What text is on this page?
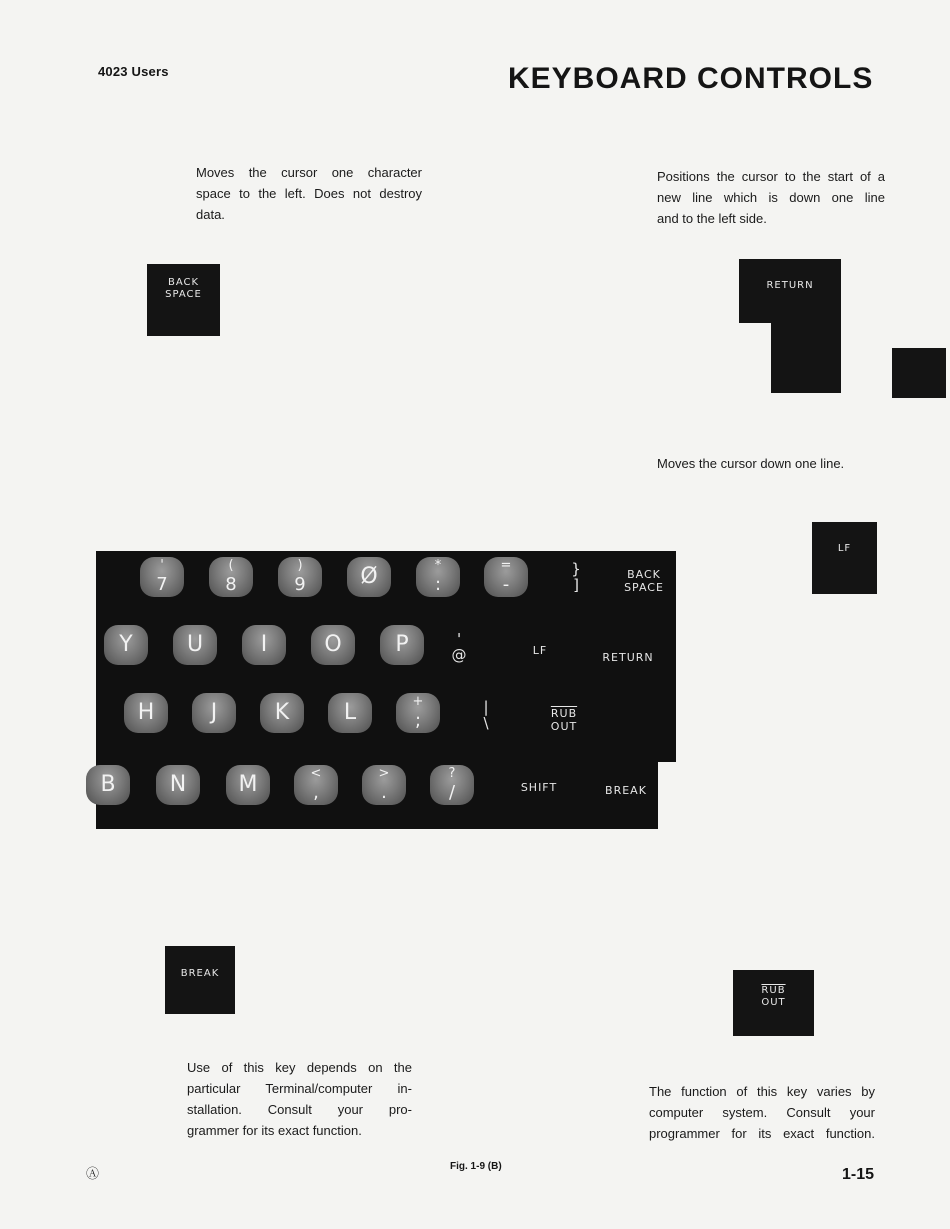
4023 Users	KEYBOARD CONTROLS

Moves the cursor one character

space to the left. Does not destroy

data.

BACK
SPACE

Positions the cursor to the start of a

new line which is down one line

and to the left side.

RETURN
Moves the cursor down one line.
LF
'
7
(
8
)
9	Ø	*
:
=
-
}
]
BACK
SPACE
Y	U	I	O	P	'
@	LF
RETURN
H	J	K	L	+
;
|
\
$\overline{RUB}$
OUT
B	N	M	<
,
>
.
?
/	SHIFT	BREAK
BREAK

Use of this key depends on the

particular Terminal/computer in-

stallation. Consult your pro-

grammer for its exact function.

$\overline{RUB}$
OUT

The function of this key varies by

computer system. Consult your

programmer for its exact function.

Ⓐ	Fig. 1-9 (B)	1-15
